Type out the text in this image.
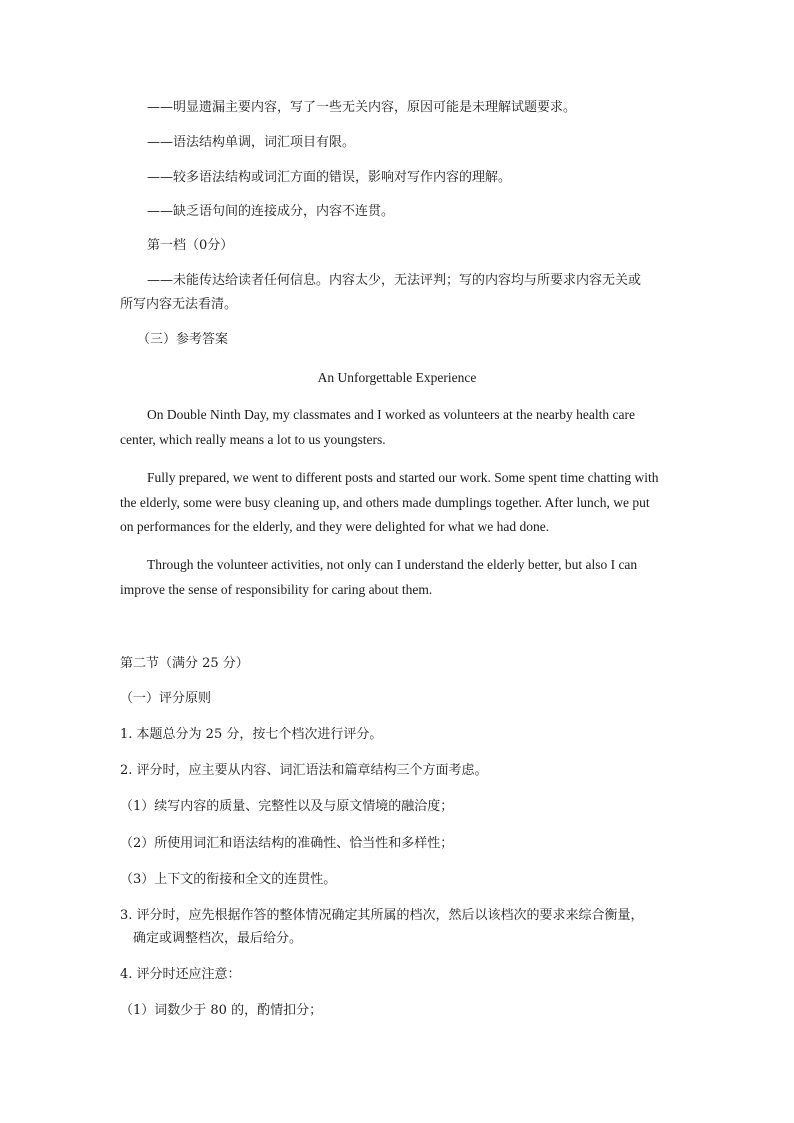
——明显遗漏主要内容，写了一些无关内容，原因可能是未理解试题要求。
——语法结构单调，词汇项目有限。
——较多语法结构或词汇方面的错误，影响对写作内容的理解。
——缺乏语句间的连接成分，内容不连贯。
第一档（0分）
——未能传达给读者任何信息。内容太少，无法评判；写的内容均与所要求内容无关或
所写内容无法看清。
（三）参考答案
An Unforgettable Experience
On Double Ninth Day, my classmates and I worked as volunteers at the nearby health care
center, which really means a lot to us youngsters.
Fully prepared, we went to different posts and started our work. Some spent time chatting with
the elderly, some were busy cleaning up, and others made dumplings together. After lunch, we put
on performances for the elderly, and they were delighted for what we had done.
Through the volunteer activities, not only can I understand the elderly better, but also I can
improve the sense of responsibility for caring about them.
第二节（满分 25 分）
（一）评分原则
1. 本题总分为 25 分，按七个档次进行评分。
2. 评分时，应主要从内容、词汇语法和篇章结构三个方面考虑。
（1）续写内容的质量、完整性以及与原文情境的融洽度；
（2）所使用词汇和语法结构的准确性、恰当性和多样性；
（3）上下文的衔接和全文的连贯性。
3. 评分时，应先根据作答的整体情况确定其所属的档次，然后以该档次的要求来综合衡量，
确定或调整档次，最后给分。
4. 评分时还应注意：
（1）词数少于 80 的，酌情扣分；
